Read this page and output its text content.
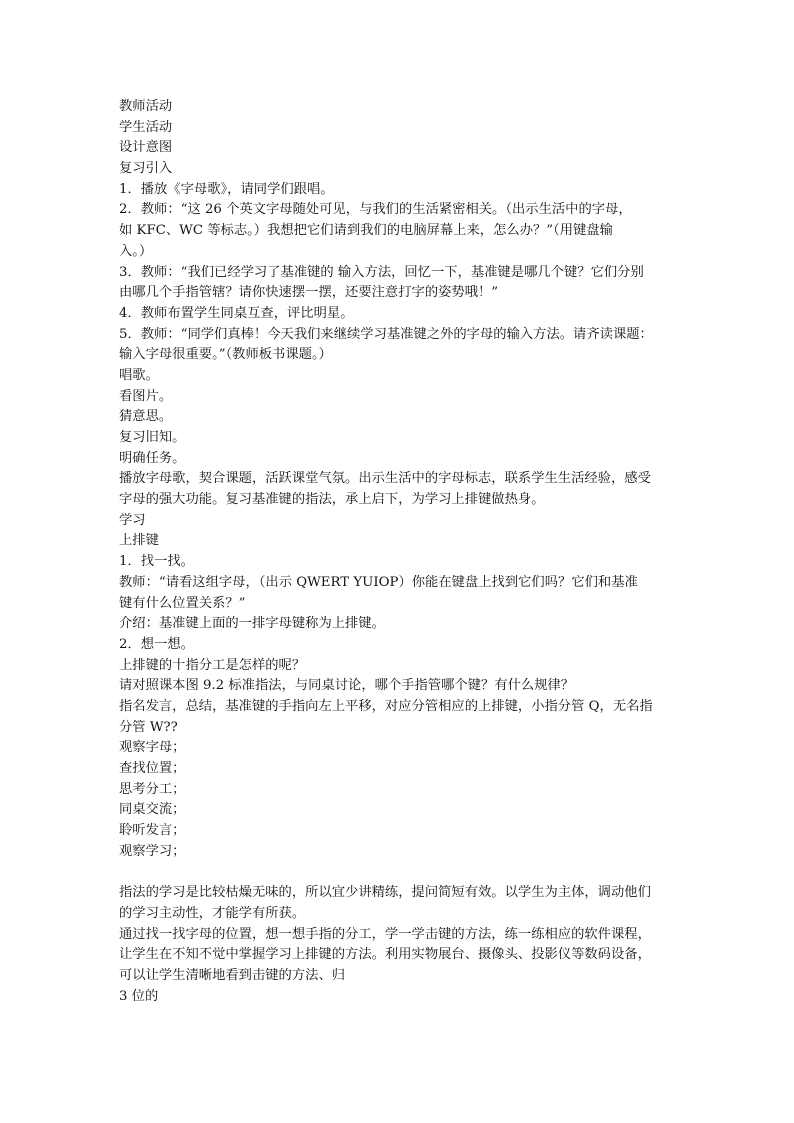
教师活动
学生活动
设计意图
复习引入
1．播放《字母歌》，请同学们跟唱。
2．教师：“这 26 个英文字母随处可见，与我们的生活紧密相关。（出示生活中的字母，
如 KFC、WC 等标志。）我想把它们请到我们的电脑屏幕上来，怎么办？”（用键盘输
入。）
3．教师：“我们已经学习了基准键的 输入方法，回忆一下，基准键是哪几个键？它们分别
由哪几个手指管辖？请你快速摆一摆，还要注意打字的姿势哦！”
4．教师布置学生同桌互查，评比明星。
5．教师：“同学们真棒！今天我们来继续学习基准键之外的字母的输入方法。请齐读课题：
输入字母很重要。”（教师板书课题。）
唱歌。
看图片。
猜意思。
复习旧知。
明确任务。
播放字母歌，契合课题，活跃课堂气氛。出示生活中的字母标志，联系学生生活经验，感受
字母的强大功能。复习基准键的指法，承上启下，为学习上排键做热身。
学习
上排键
1．找一找。
教师：“请看这组字母，（出示 QWERT YUIOP）你能在键盘上找到它们吗？它们和基准
键有什么位置关系？”
介绍：基准键上面的一排字母键称为上排键。
2．想一想。
上排键的十指分工是怎样的呢？
请对照课本图 9.2 标准指法，与同桌讨论，哪个手指管哪个键？有什么规律？
指名发言，总结，基准键的手指向左上平移，对应分管相应的上排键，小指分管 Q，无名指
分管 W??
观察字母；
查找位置；
思考分工；
同桌交流；
聆听发言；
观察学习；
指法的学习是比较枯燥无味的，所以宜少讲精练，提问简短有效。以学生为主体，调动他们
的学习主动性，才能学有所获。
通过找一找字母的位置，想一想手指的分工，学一学击键的方法，练一练相应的软件课程，
让学生在不知不觉中掌握学习上排键的方法。利用实物展台、摄像头、投影仪等数码设备，
可以让学生清晰地看到击键的方法、归
3 位的
